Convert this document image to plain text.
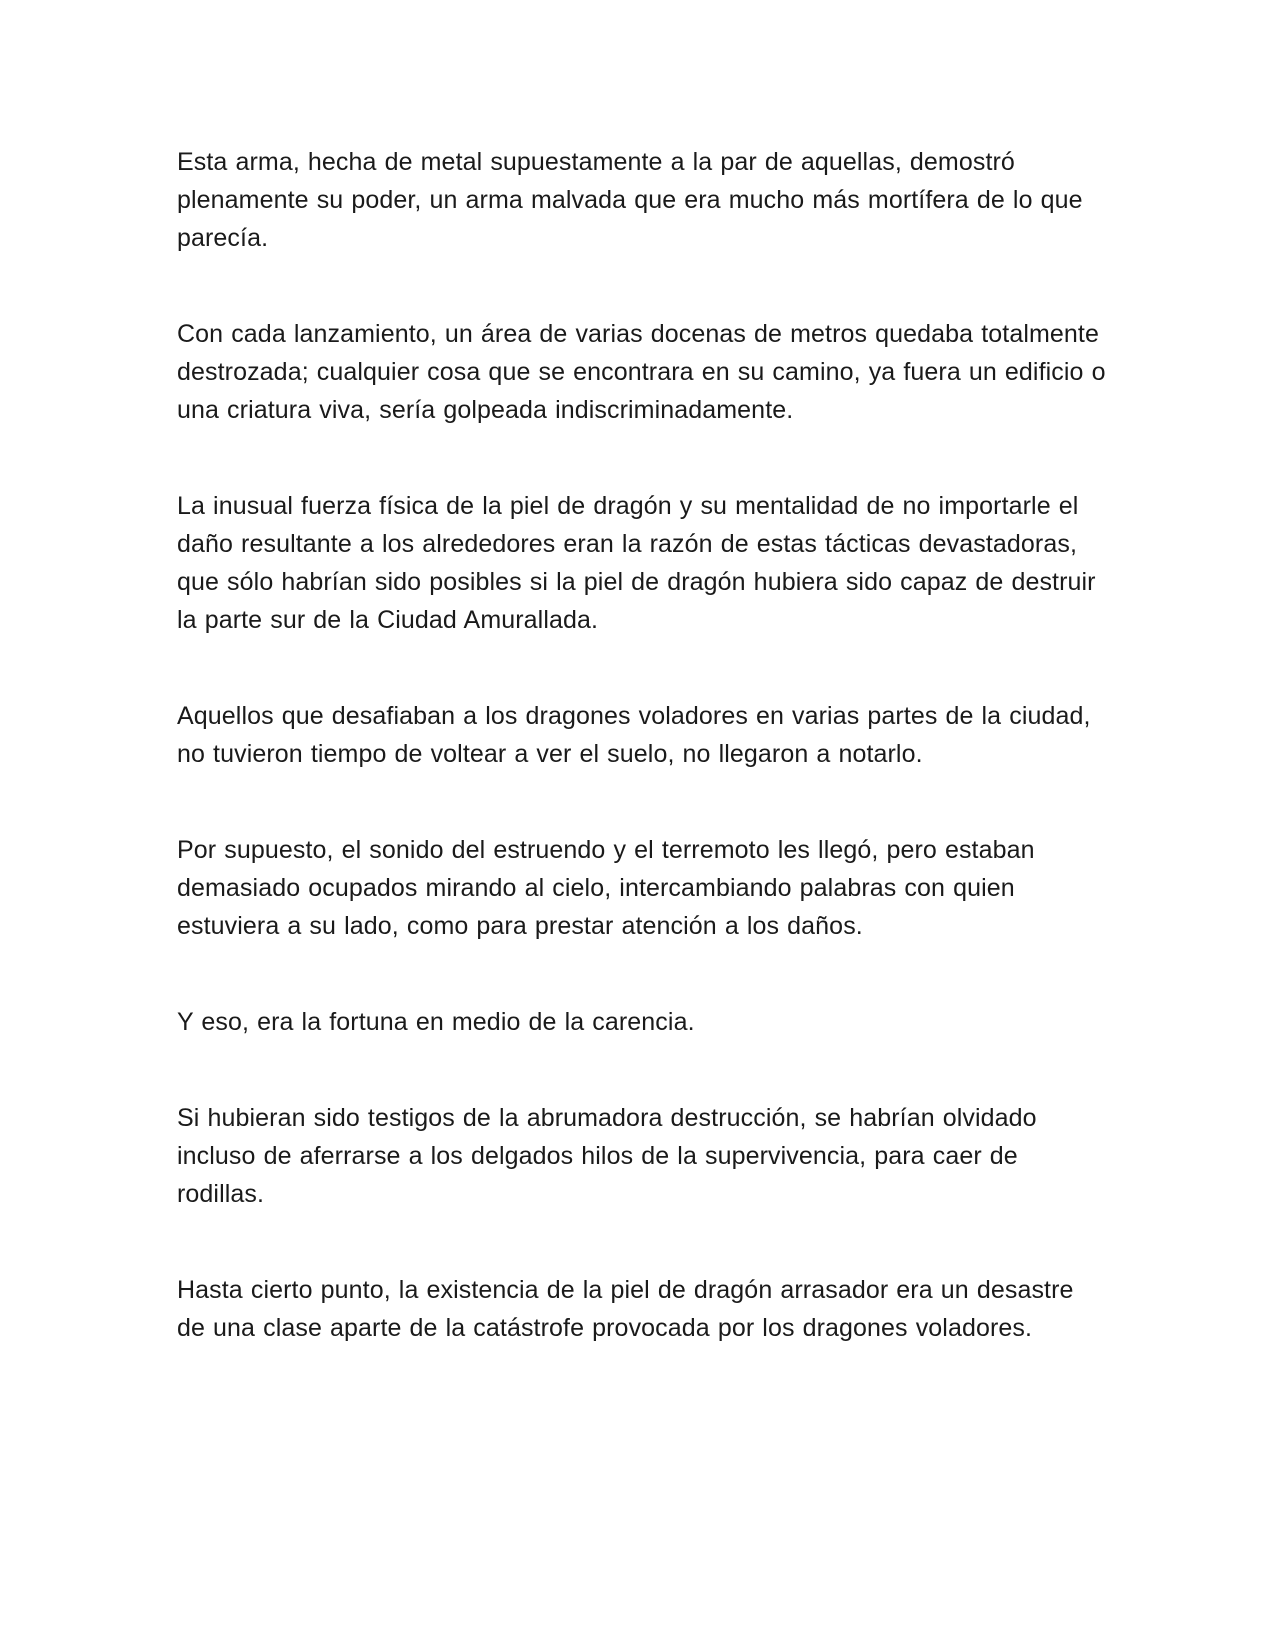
Esta arma, hecha de metal supuestamente a la par de aquellas, demostró plenamente su poder, un arma malvada que era mucho más mortífera de lo que parecía.

Con cada lanzamiento, un área de varias docenas de metros quedaba totalmente destrozada; cualquier cosa que se encontrara en su camino, ya fuera un edificio o una criatura viva, sería golpeada indiscriminadamente.

La inusual fuerza física de la piel de dragón y su mentalidad de no importarle el daño resultante a los alrededores eran la razón de estas tácticas devastadoras, que sólo habrían sido posibles si la piel de dragón hubiera sido capaz de destruir la parte sur de la Ciudad Amurallada.

Aquellos que desafiaban a los dragones voladores en varias partes de la ciudad, no tuvieron tiempo de voltear a ver el suelo, no llegaron a notarlo.

Por supuesto, el sonido del estruendo y el terremoto les llegó, pero estaban demasiado ocupados mirando al cielo, intercambiando palabras con quien estuviera a su lado, como para prestar atención a los daños.

Y eso, era la fortuna en medio de la carencia.

Si hubieran sido testigos de la abrumadora destrucción, se habrían olvidado incluso de aferrarse a los delgados hilos de la supervivencia, para caer de rodillas.

Hasta cierto punto, la existencia de la piel de dragón arrasador era un desastre de una clase aparte de la catástrofe provocada por los dragones voladores.
